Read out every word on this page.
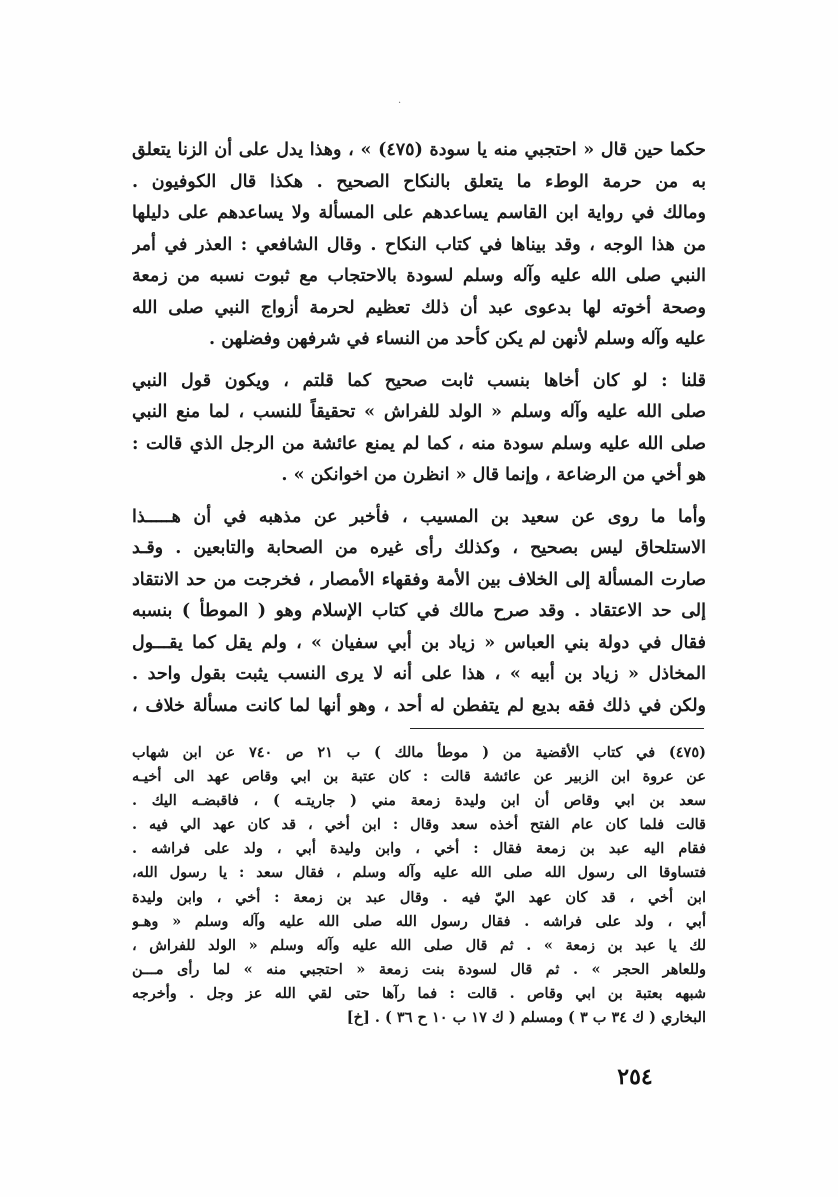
·
حكما حين قال « احتجبي منه يا سودة (٤٧٥) » ، وهذا يدل على أن الزنا يتعلق
به من حرمة الوطء ما يتعلق بالنكاح الصحيح . هكذا قال الكوفيون .
ومالك في رواية ابن القاسم يساعدهم على المسألة ولا يساعدهم على دليلها
من هذا الوجه ، وقد بيناها في كتاب النكاح . وقال الشافعي : العذر في أمر
النبي صلى الله عليه وآله وسلم لسودة بالاحتجاب مع ثبوت نسبه من زمعة
وصحة أخوته لها بدعوى عبد أن ذلك تعظيم لحرمة أزواج النبي صلى الله
عليه وآله وسلم لأنهن لم يكن كأحد من النساء في شرفهن وفضلهن .
قلنا : لو كان أخاها بنسب ثابت صحيح كما قلتم ، ويكون قول النبي
صلى الله عليه وآله وسلم « الولد للفراش » تحقيقاً للنسب ، لما منع النبي
صلى الله عليه وسلم سودة منه ، كما لم يمنع عائشة من الرجل الذي قالت :
هو أخي من الرضاعة ، وإنما قال « انظرن من اخوانكن » .
وأما ما روى عن سعيد بن المسيب ، فأخبر عن مذهبه في أن هـــــذا
الاستلحاق ليس بصحيح ، وكذلك رأى غيره من الصحابة والتابعين . وقـد
صارت المسألة إلى الخلاف بين الأمة وفقهاء الأمصار ، فخرجت من حد الانتقاد
إلى حد الاعتقاد . وقد صرح مالك في كتاب الإسلام وهو ( الموطأ ) بنسبه
فقال في دولة بني العباس « زياد بن أبي سفيان » ، ولم يقل كما يقـــول
المخاذل « زياد بن أبيه » ، هذا على أنه لا يرى النسب يثبت بقول واحد .
ولكن في ذلك فقه بديع لم يتفطن له أحد ، وهو أنها لما كانت مسألة خلاف ،
(٤٧٥) في كتاب الأقضية من ( موطأ مالك ) ب ٢١ ص ٧٤٠ عن ابن شهاب
عن عروة ابن الزبير عن عائشة قالت : كان عتبة بن ابي وقاص عهد الى أخيـه
سعد بن ابي وقاص أن ابن وليدة زمعة مني ( جاريتـه ) ، فاقبضـه اليك .
قالت فلما كان عام الفتح أخذه سعد وقال : ابن أخي ، قد كان عهد الي فيه .
فقام اليه عبد بن زمعة فقال : أخي ، وابن وليدة أبي ، ولد على فراشه .
فتساوقا الى رسول الله صلى الله عليه وآله وسلم ، فقال سعد : يا رسول الله،
ابن أخي ، قد كان عهد اليّ فيه . وقال عبد بن زمعة : أخي ، وابن وليدة
أبي ، ولد على فراشه . فقال رسول الله صلى الله عليه وآله وسلم « وهـو
لك يا عبد بن زمعة » . ثم قال صلى الله عليه وآله وسلم « الولد للفراش ،
وللعاهر الحجر » . ثم قال لسودة بنت زمعة « احتجبي منه » لما رأى مـــن
شبهه بعتبة بن ابي وقاص . قالت : فما رآها حتى لقي الله عز وجل . وأخرجه
البخاري ( ك ٣٤ ب ٣ ) ومسلم ( ك ١٧ ب ١٠ ح ٣٦ ) . [خ]
٢٥٤
